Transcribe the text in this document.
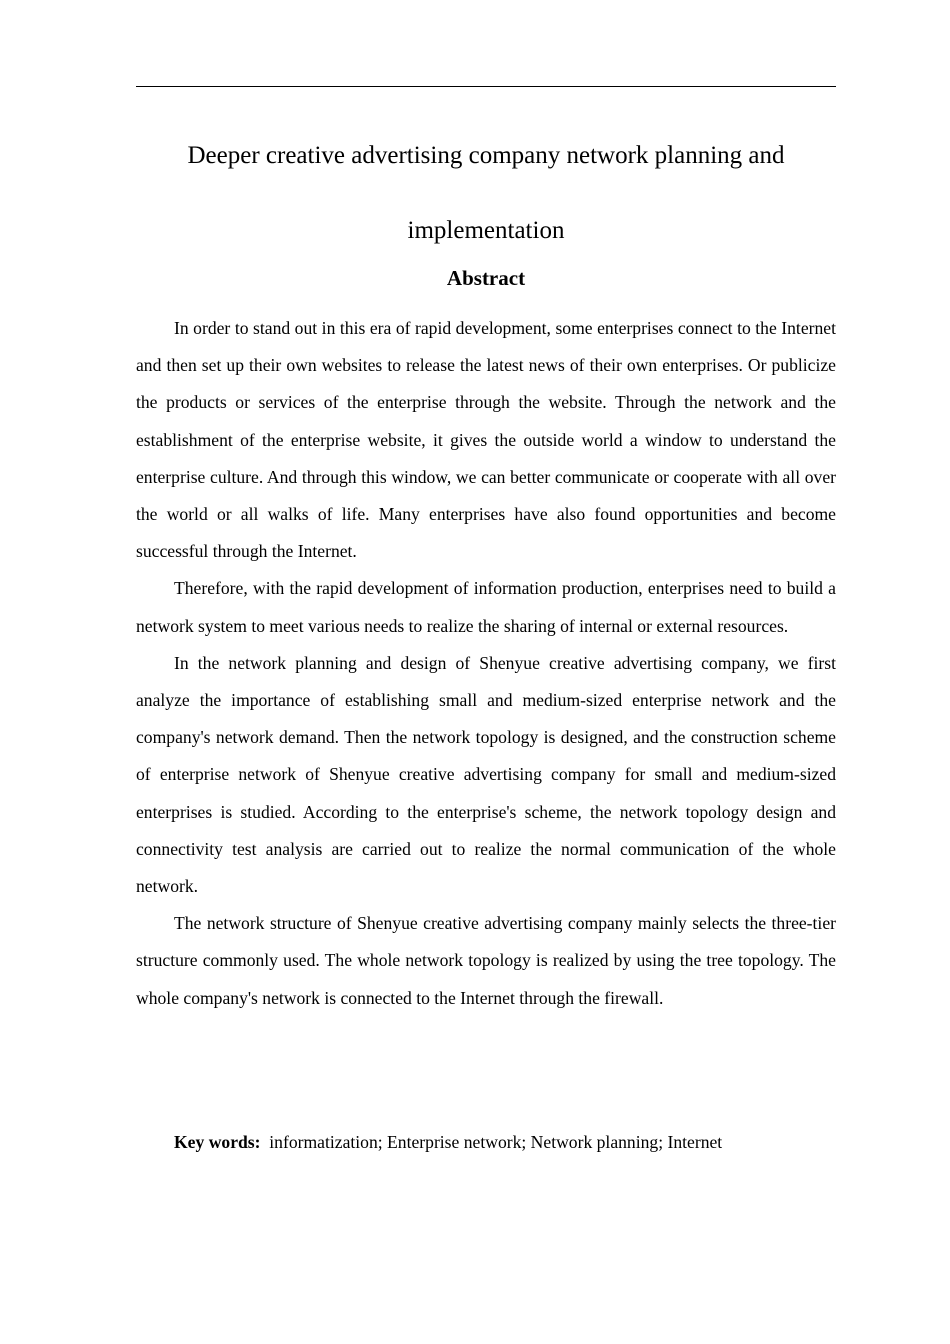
Deeper creative advertising company network planning and
implementation
Abstract

In order to stand out in this era of rapid development, some enterprises connect to the Internet and then set up their own websites to release the latest news of their own enterprises. Or publicize the products or services of the enterprise through the website. Through the network and the establishment of the enterprise website, it gives the outside world a window to understand the enterprise culture. And through this window, we can better communicate or cooperate with all over the world or all walks of life. Many enterprises have also found opportunities and become successful through the Internet.

Therefore, with the rapid development of information production, enterprises need to build a network system to meet various needs to realize the sharing of internal or external resources.

In the network planning and design of Shenyue creative advertising company, we first analyze the importance of establishing small and medium-sized enterprise network and the company's network demand. Then the network topology is designed, and the construction scheme of enterprise network of Shenyue creative advertising company for small and medium-sized enterprises is studied. According to the enterprise's scheme, the network topology design and connectivity test analysis are carried out to realize the normal communication of the whole network.

The network structure of Shenyue creative advertising company mainly selects the three-tier structure commonly used. The whole network topology is realized by using the tree topology. The whole company's network is connected to the Internet through the firewall.

Key words: informatization; Enterprise network; Network planning; Internet
